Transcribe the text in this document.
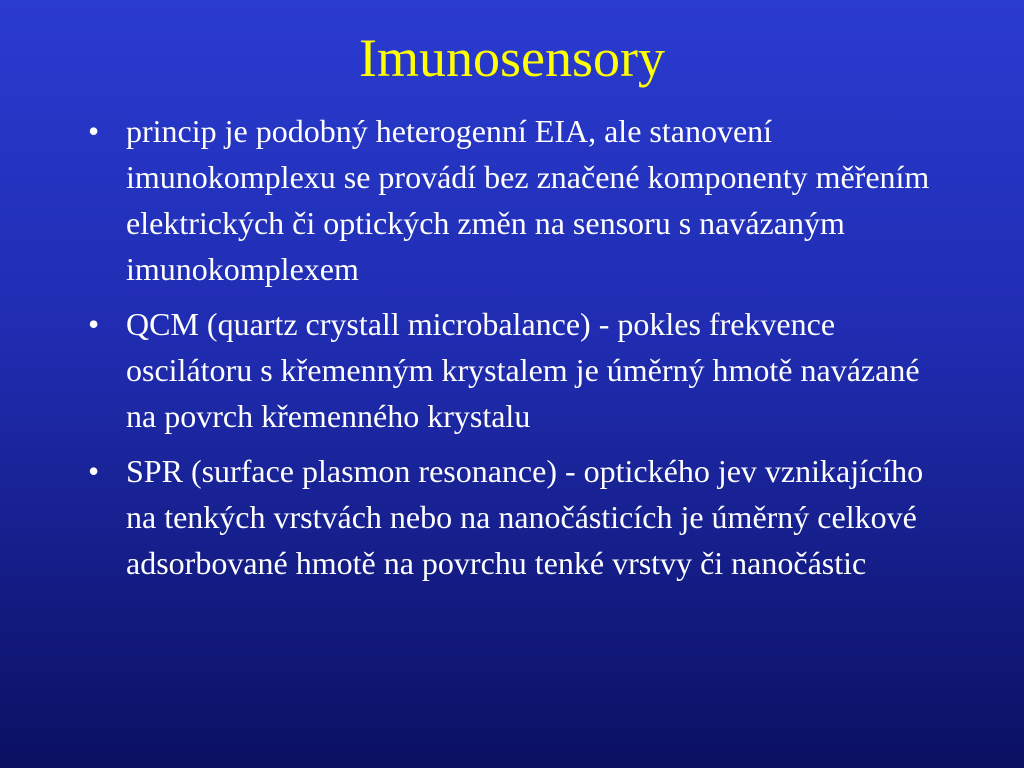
Imunosensory
• princip je podobný heterogenní EIA, ale stanovení imunokomplexu se provádí bez značené komponenty měřením elektrických či optických změn na sensoru s navázaným imunokomplexem
• QCM (quartz crystall microbalance) - pokles frekvence oscilátoru s křemenným krystalem je úměrný hmotě navázané na povrch křemenného krystalu
• SPR (surface plasmon resonance) - optického jev vznikajícího na tenkých vrstvách nebo na nanočásticích je úměrný celkové adsorbované hmotě na povrchu tenké vrstvy či nanočástic
